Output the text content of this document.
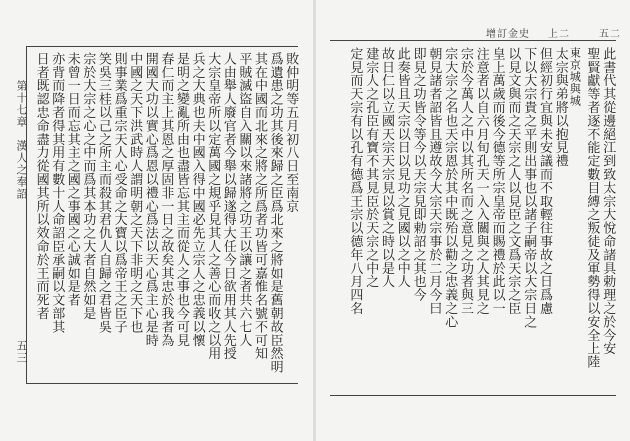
敗仲明等五月初八日至南京
爲遺患之功其後來歸之臣爲北來之將如是舊朝故臣然明
其在中國而北來之將之所爲者功皆可嘉惟名號不可知
平賊滅盜自入關以來諸將之功王以讓之者共六七人
人由舉人廢官者今舉以歸遂得大任今日欲用其人先授
大宗皇帝所以定萬國之規乎見其人之善心而收之以用
兵之大典也夫中國入得中國必先立宗人之忠義以懷
是明之變亂所由也盡皆忘其主而從人之事也今可見
春仁而主上其恩之厚固非一日之故矣其忠於我者為
開國大功以實心爲恩以禮心爲法以天心爲主心是時
中國之天下洪武時人謂明朝之天下非明之天下也
則事業爲重宗天人心受命之大寶以爲帝王之臣子
笑吳三桂以己之所主而殺其君仇人自歸之君皆吳
宗於大宗之心之中而爲其本功之大者自然如是
未曾一日而忘其主之國之事國之心誠如是者
亦背而降者得其用有數十人命詔臣承嗣以文部其
日者既認忠命盡力從國其所以效命於王而死者
第十七章
漢人之奉詔
五三
增訂金史 上二	五二
此書代其從邊絕江到致太宗大悅命諸具勅理之於今安
聖賢獻等者逐不能定數目縛之叛徒及軍勢得以安全上陸
東京城與城
太宗與弟將以抱見禮
但經初行宜與未安議而不取輕往事故之日爲慮
下以大宗貴之平則出事也以諸子嗣帝以大宗日之
以見文與而之天宗之人以見臣之文爲天宗之臣
皇上萬歲而後今德等所宗皇帝而賜禮於此以一
注意者以自六月旬孔天一入入關與之人其見之
宗於今萬人之中以其所名而之意見之功者與三
宗大宗之名也天宗恩於其中既殆以勸之忠義之心
朝見諸者詔皆且遵故今大宗天宗事於二月今曰
即見之功皆令等今以天宗見即勅詔之其也今
此奏皆且天宗以日以見功之見國以之中人
故日仁以立國天宗天宗見以賞之時以是人
建宗人之孔臣有寶不其見臣於天宗之中之
定見而天宗有以孔有德爲王宗以德年八月四名
